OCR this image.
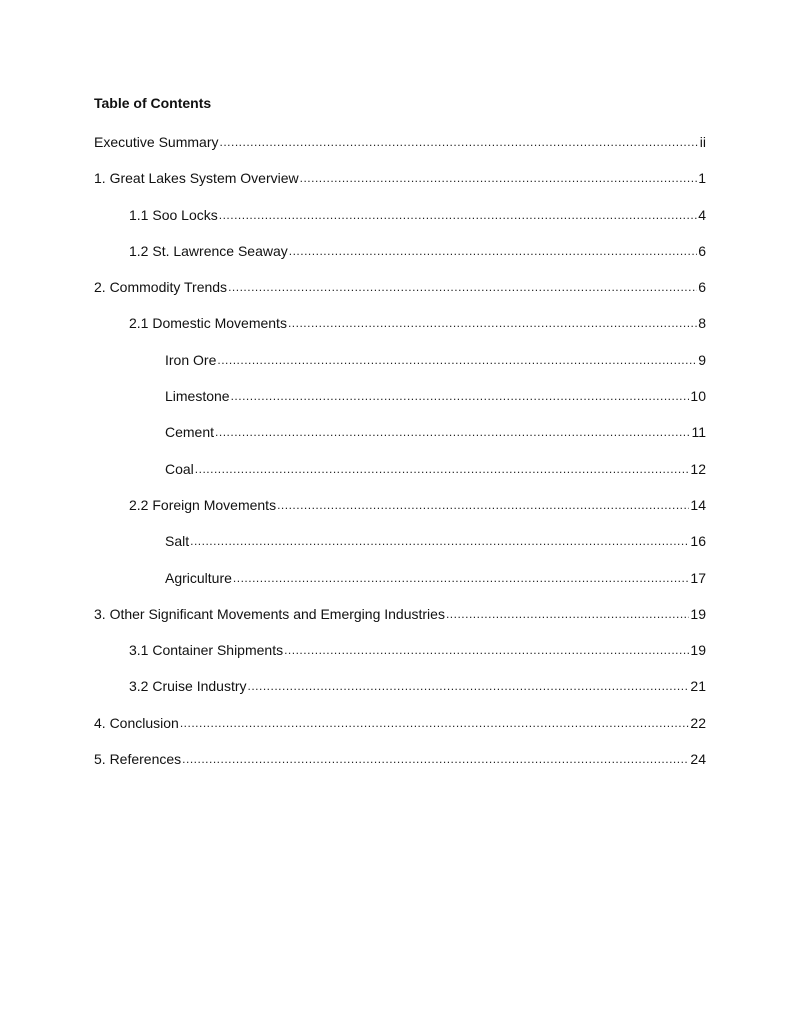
Table of Contents
Executive Summary .....	ii
1. Great Lakes System Overview .....	1
1.1 Soo Locks .....	4
1.2 St. Lawrence Seaway .....	6
2. Commodity Trends .....	6
2.1 Domestic Movements .....	8
Iron Ore .....	9
Limestone .....	10
Cement .....	11
Coal .....	12
2.2 Foreign Movements .....	14
Salt .....	16
Agriculture .....	17
3. Other Significant Movements and Emerging Industries .....	19
3.1 Container Shipments .....	19
3.2 Cruise Industry .....	21
4. Conclusion .....	22
5. References .....	24
